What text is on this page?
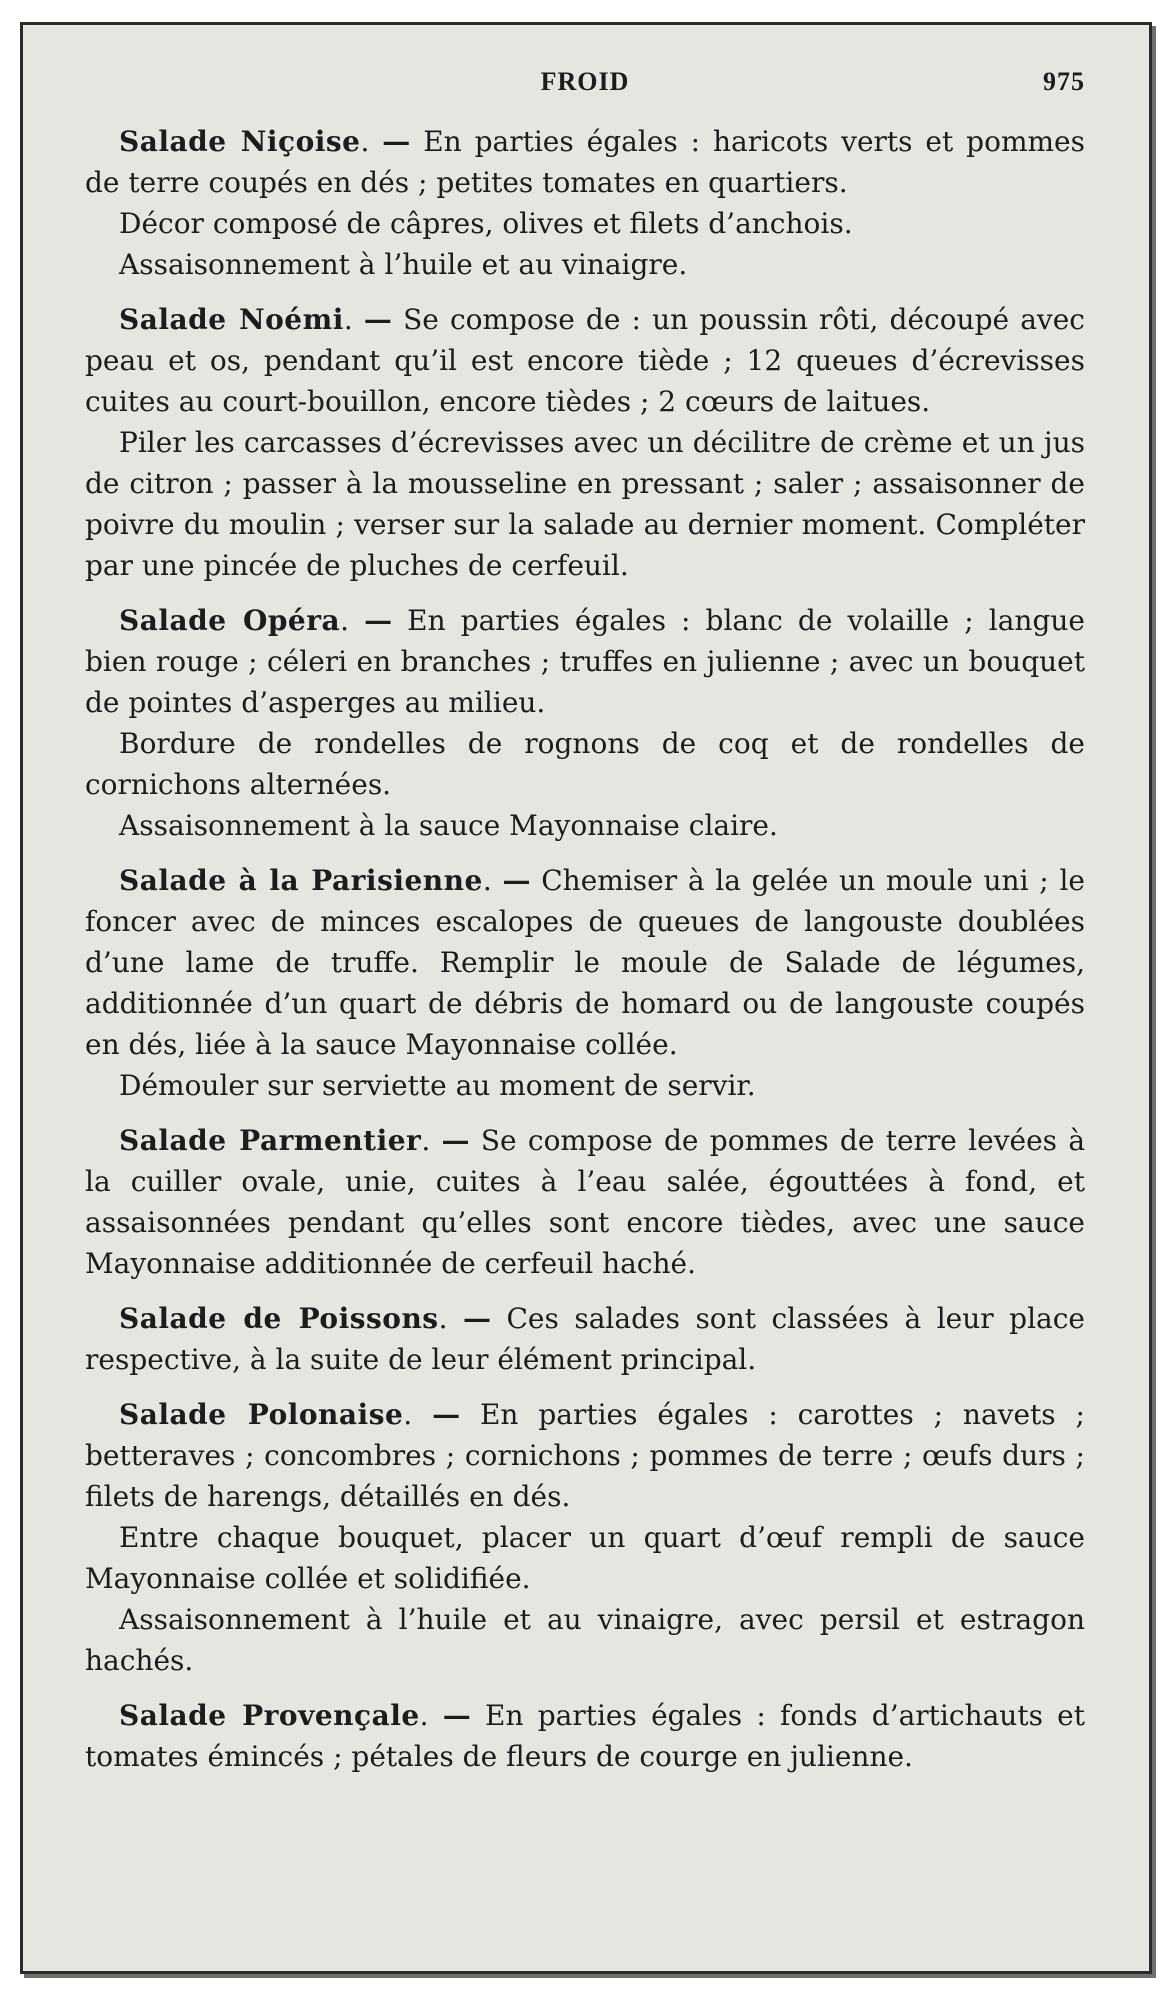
FROID	975

Salade Niçoise. — En parties égales : haricots verts et pommes de terre coupés en dés ; petites tomates en quartiers.

Décor composé de câpres, olives et filets d’anchois.

Assaisonnement à l’huile et au vinaigre.

Salade Noémi. — Se compose de : un poussin rôti, découpé avec peau et os, pendant qu’il est encore tiède ; 12 queues d’écrevisses cuites au court-bouillon, encore tièdes ; 2 cœurs de laitues.

Piler les carcasses d’écrevisses avec un décilitre de crème et un jus de citron ; passer à la mousseline en pressant ; saler ; assaisonner de poivre du moulin ; verser sur la salade au dernier moment. Compléter par une pincée de pluches de cerfeuil.

Salade Opéra. — En parties égales : blanc de volaille ; langue bien rouge ; céleri en branches ; truffes en julienne ; avec un bouquet de pointes d’asperges au milieu.

Bordure de rondelles de rognons de coq et de rondelles de cornichons alternées.

Assaisonnement à la sauce Mayonnaise claire.

Salade à la Parisienne. — Chemiser à la gelée un moule uni ; le foncer avec de minces escalopes de queues de langouste doublées d’une lame de truffe. Remplir le moule de Salade de légumes, additionnée d’un quart de débris de homard ou de langouste coupés en dés, liée à la sauce Mayonnaise collée.

Démouler sur serviette au moment de servir.

Salade Parmentier. — Se compose de pommes de terre levées à la cuiller ovale, unie, cuites à l’eau salée, égouttées à fond, et assaisonnées pendant qu’elles sont encore tièdes, avec une sauce Mayonnaise additionnée de cerfeuil haché.

Salade de Poissons. — Ces salades sont classées à leur place respective, à la suite de leur élément principal.

Salade Polonaise. — En parties égales : carottes ; navets ; betteraves ; concombres ; cornichons ; pommes de terre ; œufs durs ; filets de harengs, détaillés en dés.

Entre chaque bouquet, placer un quart d’œuf rempli de sauce Mayonnaise collée et solidifiée.

Assaisonnement à l’huile et au vinaigre, avec persil et estragon hachés.

Salade Provençale. — En parties égales : fonds d’artichauts et tomates émincés ; pétales de fleurs de courge en julienne.
